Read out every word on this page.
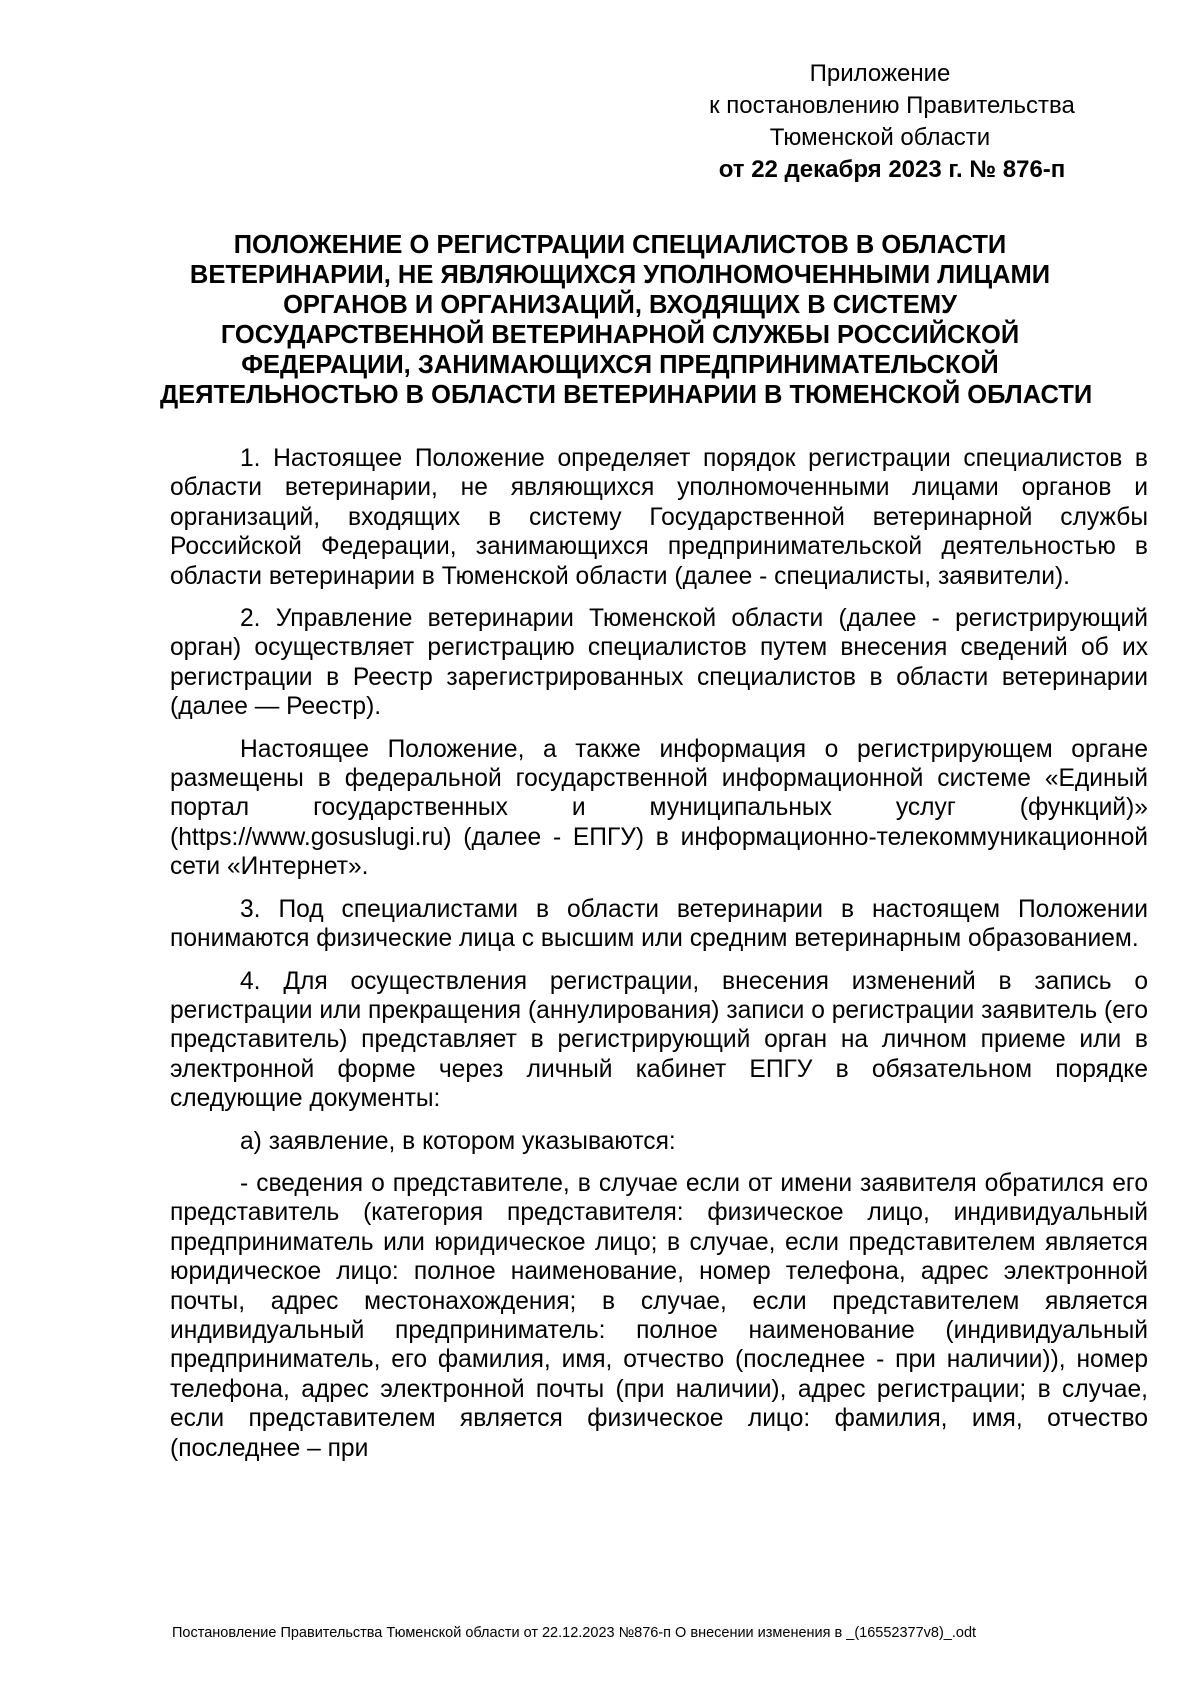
Приложение
к постановлению Правительства
Тюменской области
от 22 декабря 2023 г. № 876-п
ПОЛОЖЕНИЕ О РЕГИСТРАЦИИ СПЕЦИАЛИСТОВ В ОБЛАСТИ
ВЕТЕРИНАРИИ, НЕ ЯВЛЯЮЩИХСЯ УПОЛНОМОЧЕННЫМИ ЛИЦАМИ
ОРГАНОВ И ОРГАНИЗАЦИЙ, ВХОДЯЩИХ В СИСТЕМУ
ГОСУДАРСТВЕННОЙ ВЕТЕРИНАРНОЙ СЛУЖБЫ РОССИЙСКОЙ
ФЕДЕРАЦИИ, ЗАНИМАЮЩИХСЯ ПРЕДПРИНИМАТЕЛЬСКОЙ
ДЕЯТЕЛЬНОСТЬЮ В ОБЛАСТИ ВЕТЕРИНАРИИ В ТЮМЕНСКОЙ ОБЛАСТИ

1. Настоящее Положение определяет порядок регистрации специалистов в области ветеринарии, не являющихся уполномоченными лицами органов и организаций, входящих в систему Государственной ветеринарной службы Российской Федерации, занимающихся предпринимательской деятельностью в области ветеринарии в Тюменской области (далее - специалисты, заявители).

2. Управление ветеринарии Тюменской области (далее - регистрирующий орган) осуществляет регистрацию специалистов путем внесения сведений об их регистрации в Реестр зарегистрированных специалистов в области ветеринарии (далее — Реестр).

Настоящее Положение, а также информация о регистрирующем органе размещены в федеральной государственной информационной системе «Единый портал государственных и муниципальных услуг (функций)» (https://www.gosuslugi.ru) (далее - ЕПГУ) в информационно-телекоммуникационной сети «Интернет».

3. Под специалистами в области ветеринарии в настоящем Положении понимаются физические лица с высшим или средним ветеринарным образованием.

4. Для осуществления регистрации, внесения изменений в запись о регистрации или прекращения (аннулирования) записи о регистрации заявитель (его представитель) представляет в регистрирующий орган на личном приеме или в электронной форме через личный кабинет ЕПГУ в обязательном порядке следующие документы:

а) заявление, в котором указываются:

- сведения о представителе, в случае если от имени заявителя обратился его представитель (категория представителя: физическое лицо, индивидуальный предприниматель или юридическое лицо; в случае, если представителем является юридическое лицо: полное наименование, номер телефона, адрес электронной почты, адрес местонахождения; в случае, если представителем является индивидуальный предприниматель: полное наименование (индивидуальный предприниматель, его фамилия, имя, отчество (последнее - при наличии)), номер телефона, адрес электронной почты (при наличии), адрес регистрации; в случае, если представителем является физическое лицо: фамилия, имя, отчество (последнее – при

Постановление Правительства Тюменской области от 22.12.2023 №876-п О внесении изменения в _(16552377v8)_.odt
